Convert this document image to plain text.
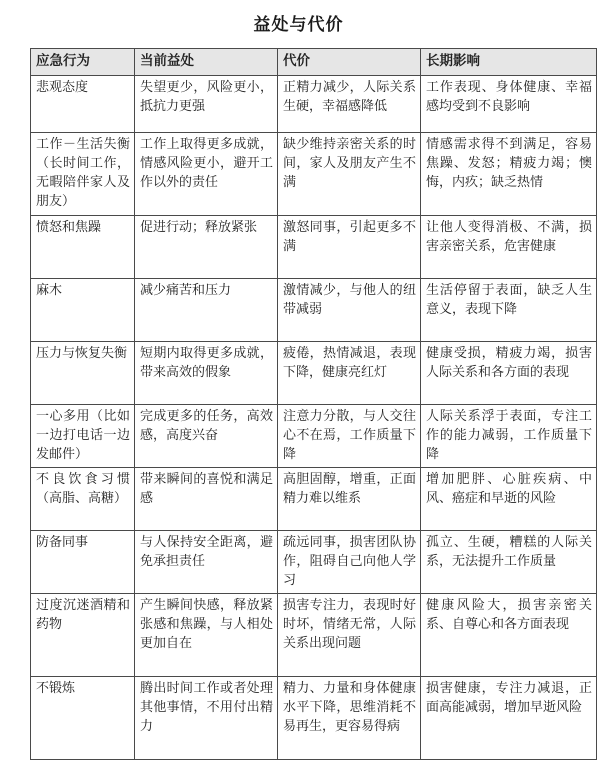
益处与代价
应急行为	当前益处	代价	长期影响
悲观态度	失望更少，风险更小，抵抗力更强	正精力减少，人际关系生硬，幸福感降低	工作表现、身体健康、幸福感均受到不良影响
工作－生活失衡（长时间工作，无暇陪伴家人及朋友）	工作上取得更多成就，情感风险更小，避开工作以外的责任	缺少维持亲密关系的时间，家人及朋友产生不满	情感需求得不到满足，容易焦躁、发怒；精疲力竭；懊悔，内疚；缺乏热情
愤怒和焦躁	促进行动；释放紧张	激怒同事，引起更多不满	让他人变得消极、不满，损害亲密关系，危害健康
麻木	减少痛苦和压力	激情减少，与他人的纽带减弱	生活停留于表面，缺乏人生意义，表现下降
压力与恢复失衡	短期内取得更多成就，带来高效的假象	疲倦，热情减退，表现下降，健康亮红灯	健康受损，精疲力竭，损害人际关系和各方面的表现
一心多用（比如一边打电话一边发邮件）	完成更多的任务，高效感，高度兴奋	注意力分散，与人交往心不在焉，工作质量下降	人际关系浮于表面，专注工作的能力减弱，工作质量下降
不良饮食习惯（高脂、高糖）	带来瞬间的喜悦和满足感	高胆固醇，增重，正面精力难以维系	增加肥胖、心脏疾病、中风、癌症和早逝的风险
防备同事	与人保持安全距离，避免承担责任	疏远同事，损害团队协作，阻碍自己向他人学习	孤立、生硬，糟糕的人际关系，无法提升工作质量
过度沉迷酒精和药物	产生瞬间快感，释放紧张感和焦躁，与人相处更加自在	损害专注力，表现时好时坏，情绪无常，人际关系出现问题	健康风险大，损害亲密关系、自尊心和各方面表现
不锻炼	腾出时间工作或者处理其他事情，不用付出精力	精力、力量和身体健康水平下降，思维消耗不易再生，更容易得病	损害健康，专注力减退，正面高能减弱，增加早逝风险
